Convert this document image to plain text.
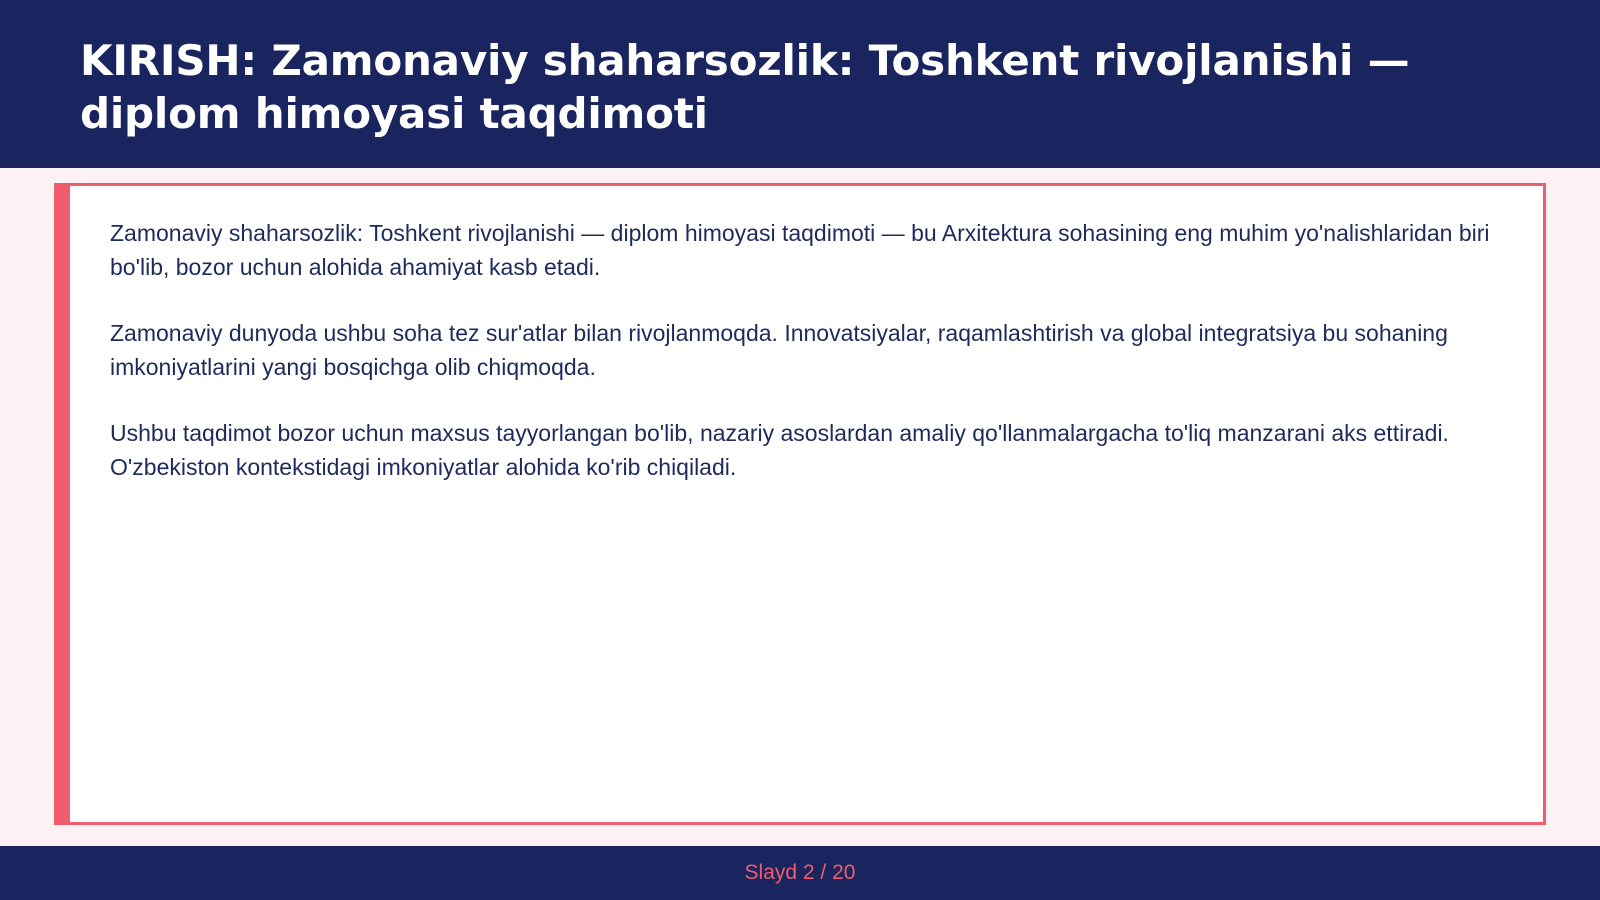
KIRISH: Zamonaviy shaharsozlik: Toshkent rivojlanishi — diplom himoyasi taqdimoti

Zamonaviy shaharsozlik: Toshkent rivojlanishi — diplom himoyasi taqdimoti — bu Arxitektura sohasining eng muhim yo'nalishlaridan biri bo'lib, bozor uchun alohida ahamiyat kasb etadi.

Zamonaviy dunyoda ushbu soha tez sur'atlar bilan rivojlanmoqda. Innovatsiyalar, raqamlashtirish va global integratsiya bu sohaning imkoniyatlarini yangi bosqichga olib chiqmoqda.

Ushbu taqdimot bozor uchun maxsus tayyorlangan bo'lib, nazariy asoslardan amaliy qo'llanmalargacha to'liq manzarani aks ettiradi. O'zbekiston kontekstidagi imkoniyatlar alohida ko'rib chiqiladi.

Slayd 2 / 20
